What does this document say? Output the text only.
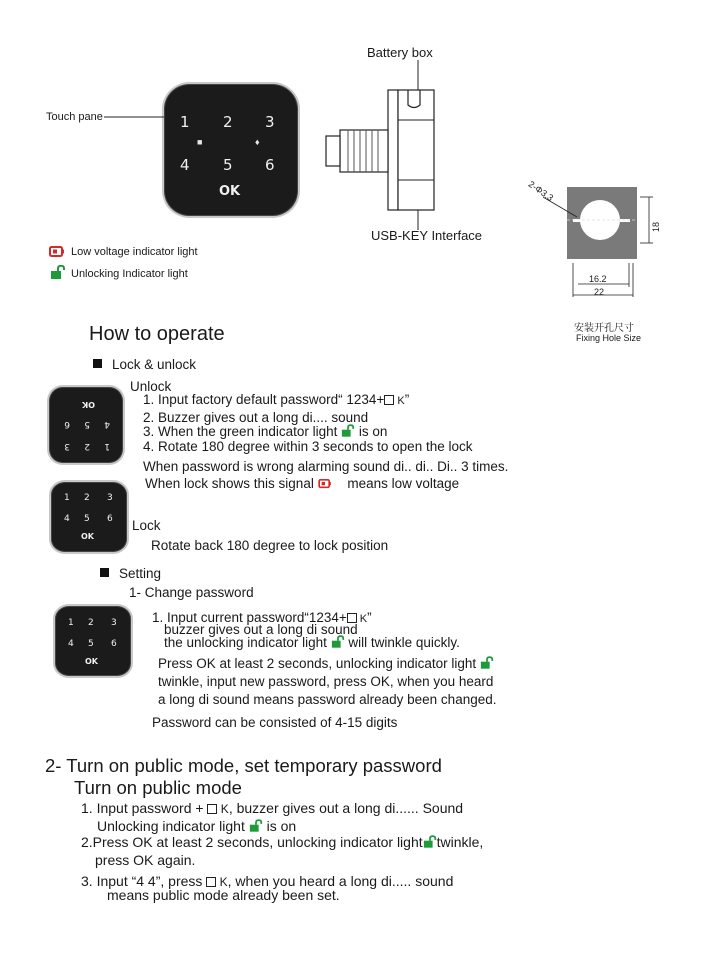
1 2 3
■	♦
4 5 6
OK
Touch pane
Battery box
USB-KEY Interface
Low voltage indicator light
Unlocking Indicator light
2-Φ3.3
18
16.2
22
安装开孔尺寸
Fixing Hole Size
How to operate
Lock & unlock
1
2
3
4
5
6
OK
Unlock
1. Input factory default password“ 1234+ K”
2. Buzzer gives out a long di.... sound
3. When the green indicator light is on
4. Rotate 180 degree within 3 seconds to open the lock
When password is wrong alarming sound di.. di.. Di.. 3 times.
When lock shows this signal means low voltage
1 2 3
4 5 6
OK
Lock
Rotate back 180 degree to lock position
Setting
1- Change password
1 2 3
4 5 6
OK
1. Input current password“1234+ K”
buzzer gives out a long di sound
the unlocking indicator light will twinkle quickly.
Press OK at least 2 seconds, unlocking indicator light
twinkle, input new password, press OK, when you heard
a long di sound means password already been changed.
Password can be consisted of 4-15 digits
2- Turn on public mode, set temporary password
Turn on public mode
1. Input password +  K, buzzer gives out a long di...... Sound
Unlocking indicator light is on
2.Press OK at least 2 seconds, unlocking indicator light twinkle,
press OK again.
3. Input “4 4”, press  K, when you heard a long di..... sound
means public mode already been set.
